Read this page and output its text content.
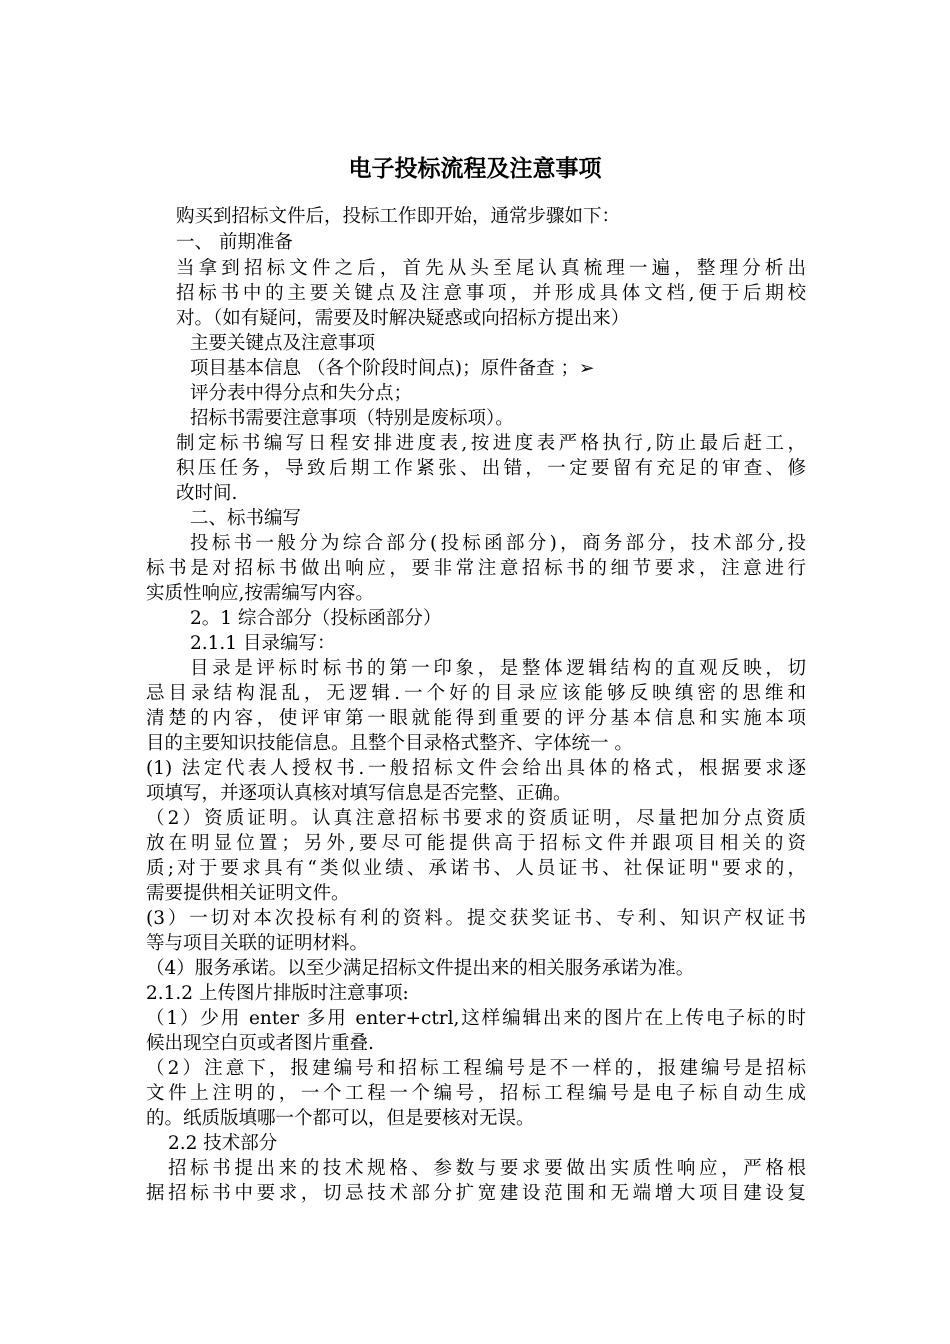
电子投标流程及注意事项

购买到招标文件后，投标工作即开始，通常步骤如下：

一、 前期准备

当拿到招标文件之后，首先从头至尾认真梳理一遍，整理分析出

招标书中的主要关键点及注意事项，并形成具体文档,便于后期校

对。（如有疑问，需要及时解决疑惑或向招标方提出来）

主要关键点及注意事项

项目基本信息 （各个阶段时间点)；原件备查 ；➢

评分表中得分点和失分点；

招标书需要注意事项（特别是废标项）。

制定标书编写日程安排进度表,按进度表严格执行,防止最后赶工，

积压任务，导致后期工作紧张、出错，一定要留有充足的审查、修

改时间.

二、标书编写

投标书一般分为综合部分(投标函部分)，商务部分，技术部分,投

标书是对招标书做出响应，要非常注意招标书的细节要求，注意进行

实质性响应,按需编写内容。

2。1 综合部分（投标函部分）

2.1.1 目录编写：

目录是评标时标书的第一印象，是整体逻辑结构的直观反映，切

忌目录结构混乱，无逻辑.一个好的目录应该能够反映缜密的思维和

清楚的内容，使评审第一眼就能得到重要的评分基本信息和实施本项

目的主要知识技能信息。且整个目录格式整齐、字体统一 。

(1) 法定代表人授权书.一般招标文件会给出具体的格式，根据要求逐

项填写，并逐项认真核对填写信息是否完整、正确。

（2）资质证明。认真注意招标书要求的资质证明，尽量把加分点资质

放在明显位置；另外,要尽可能提供高于招标文件并跟项目相关的资

质;对于要求具有“类似业绩、承诺书、人员证书、社保证明"要求的，

需要提供相关证明文件。

(3）一切对本次投标有利的资料。提交获奖证书、专利、知识产权证书

等与项目关联的证明材料。

（4）服务承诺。以至少满足招标文件提出来的相关服务承诺为准。

2.1.2 上传图片排版时注意事项:

（1）少用 enter 多用 enter+ctrl,这样编辑出来的图片在上传电子标的时

候出现空白页或者图片重叠.

（2）注意下，报建编号和招标工程编号是不一样的，报建编号是招标

文件上注明的，一个工程一个编号，招标工程编号是电子标自动生成

的。纸质版填哪一个都可以，但是要核对无误。

2.2 技术部分

招标书提出来的技术规格、参数与要求要做出实质性响应，严格根

据招标书中要求，切忌技术部分扩宽建设范围和无端增大项目建设复
